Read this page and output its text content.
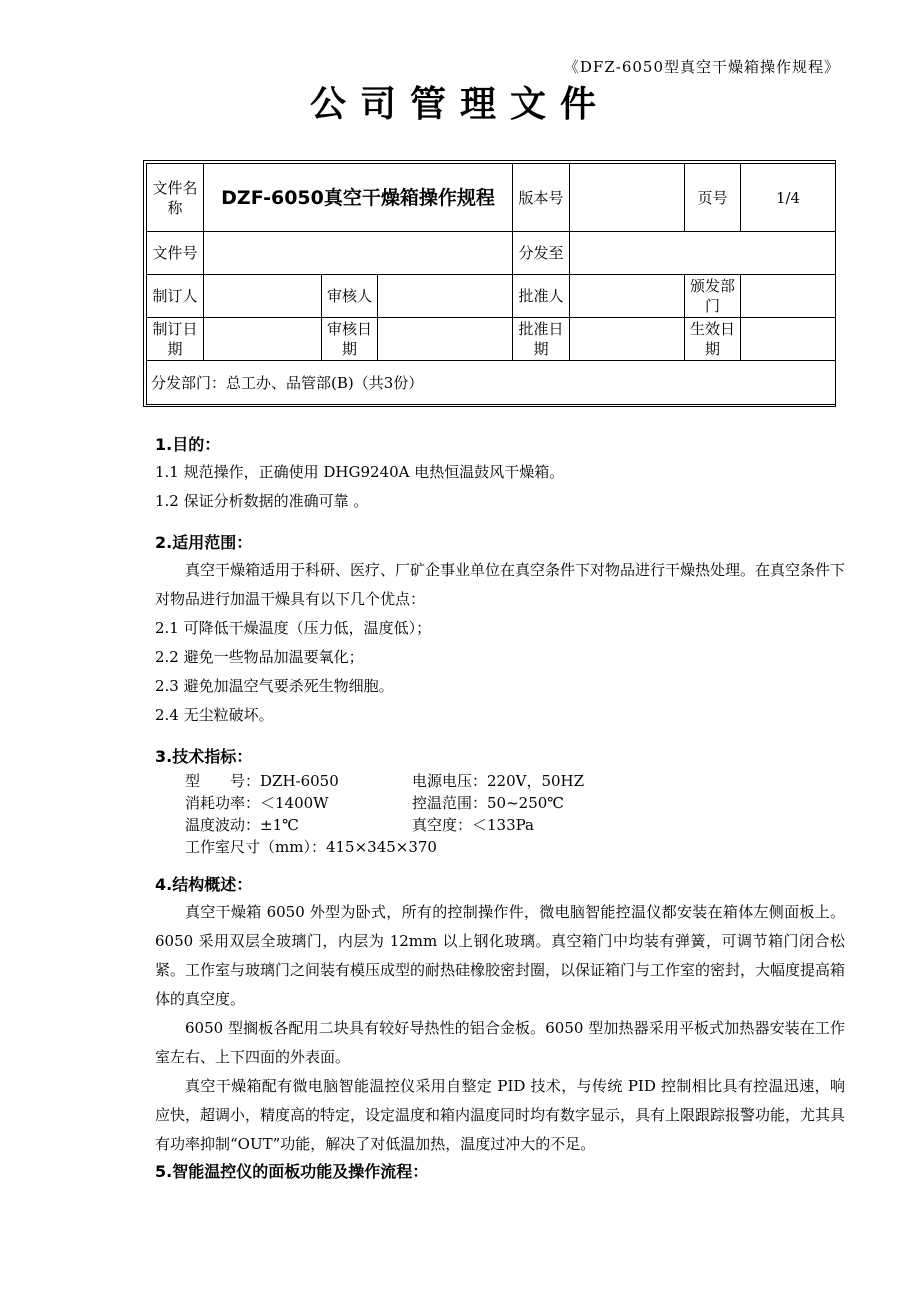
《DFZ-6050型真空干燥箱操作规程》
公司管理文件
文件名称	DZF-6050真空干燥箱操作规程			版本号		页号	1/4
文件号				分发至			
制订人		审核人		批准人		颁发部门	
制订日期		审核日期		批准日期		生效日期	
分发部门：总工办、品管部(B)（共3份）							
1.目的：
1.1 规范操作，正确使用 DHG9240A 电热恒温鼓风干燥箱。
1.2 保证分析数据的准确可靠 。
2.适用范围：
真空干燥箱适用于科研、医疗、厂矿企事业单位在真空条件下对物品进行干燥热处理。在真空条件下对物品进行加温干燥具有以下几个优点：
2.1 可降低干燥温度（压力低，温度低）；
2.2 避免一些物品加温要氧化；
2.3 避免加温空气要杀死生物细胞。
2.4 无尘粒破坏。
3.技术指标：
型　　号：DZH-6050	电源电压：220V，50HZ
消耗功率：＜1400W	控温范围：50~250℃
温度波动：±1℃	真空度：＜133Pa
工作室尺寸（mm）：415×345×370
4.结构概述：
真空干燥箱 6050 外型为卧式，所有的控制操作件，微电脑智能控温仪都安装在箱体左侧面板上。6050 采用双层全玻璃门，内层为 12mm 以上钢化玻璃。真空箱门中均装有弹簧，可调节箱门闭合松紧。工作室与玻璃门之间装有模压成型的耐热硅橡胶密封圈，以保证箱门与工作室的密封，大幅度提高箱体的真空度。
6050 型搁板各配用二块具有较好导热性的铝合金板。6050 型加热器采用平板式加热器安装在工作室左右、上下四面的外表面。
真空干燥箱配有微电脑智能温控仪采用自整定 PID 技术，与传统 PID 控制相比具有控温迅速，响应快，超调小，精度高的特定，设定温度和箱内温度同时均有数字显示，具有上限跟踪报警功能，尤其具有功率抑制“OUT”功能，解决了对低温加热，温度过冲大的不足。
5.智能温控仪的面板功能及操作流程：
